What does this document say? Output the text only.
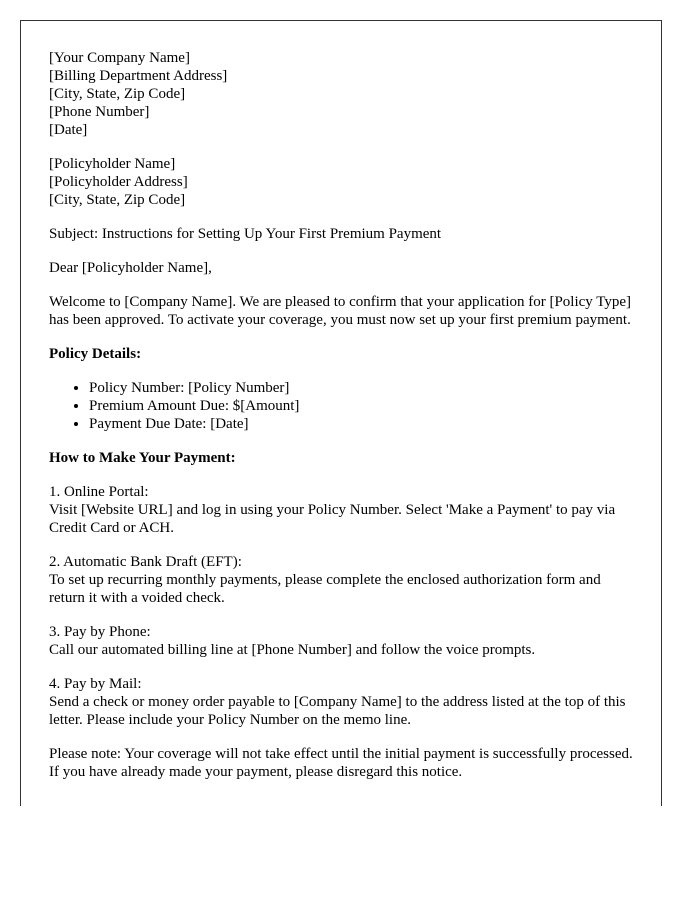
[Your Company Name]
[Billing Department Address]
[City, State, Zip Code]
[Phone Number]
[Date]

[Policyholder Name]
[Policyholder Address]
[City, State, Zip Code]

Subject: Instructions for Setting Up Your First Premium Payment

Dear [Policyholder Name],

Welcome to [Company Name]. We are pleased to confirm that your application for [Policy Type] has been approved. To activate your coverage, you must now set up your first premium payment.

Policy Details:

• Policy Number: [Policy Number]
• Premium Amount Due: $[Amount]
• Payment Due Date: [Date]

How to Make Your Payment:

1. Online Portal:
Visit [Website URL] and log in using your Policy Number. Select 'Make a Payment' to pay via Credit Card or ACH.

2. Automatic Bank Draft (EFT):
To set up recurring monthly payments, please complete the enclosed authorization form and return it with a voided check.

3. Pay by Phone:
Call our automated billing line at [Phone Number] and follow the voice prompts.

4. Pay by Mail:
Send a check or money order payable to [Company Name] to the address listed at the top of this letter. Please include your Policy Number on the memo line.

Please note: Your coverage will not take effect until the initial payment is successfully processed. If you have already made your payment, please disregard this notice.
